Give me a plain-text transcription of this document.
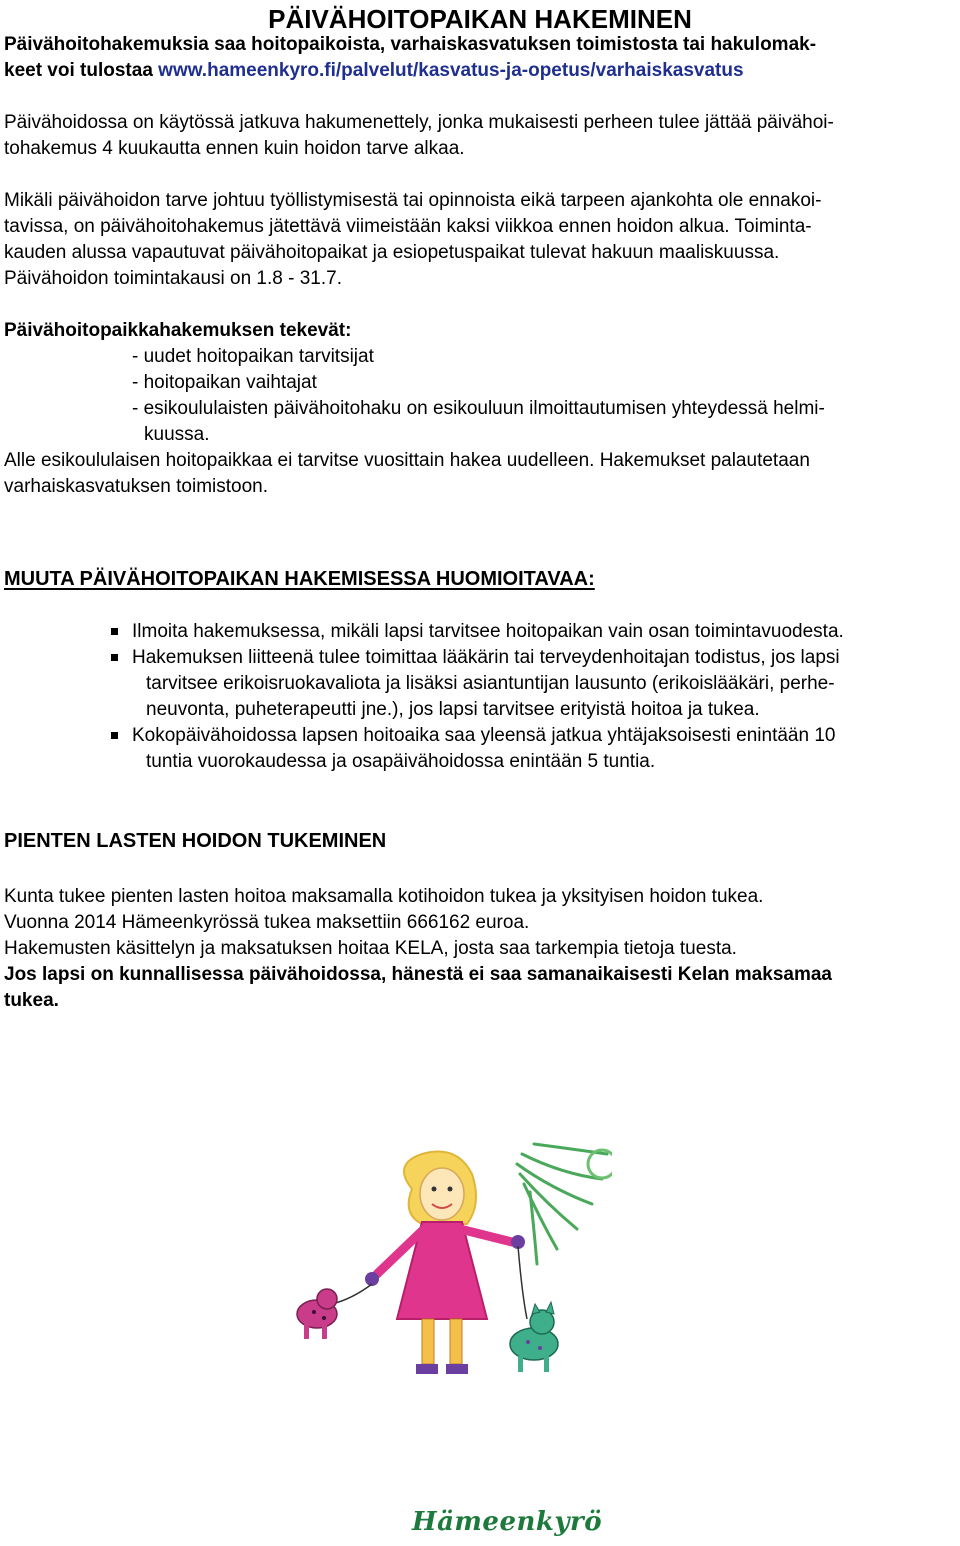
PÄIVÄHOITOPAIKAN HAKEMINEN
Päivähoitohakemuksia saa hoitopaikoista, varhaiskasvatuksen toimistosta tai hakulomak-
keet voi tulostaa www.hameenkyro.fi/palvelut/kasvatus-ja-opetus/varhaiskasvatus
Päivähoidossa on käytössä jatkuva hakumenettely, jonka mukaisesti perheen tulee jättää päivähoi-
tohakemus 4 kuukautta ennen kuin hoidon tarve alkaa.
Mikäli päivähoidon tarve johtuu työllistymisestä tai opinnoista eikä tarpeen ajankohta ole ennakoi-
tavissa, on päivähoitohakemus jätettävä viimeistään kaksi viikkoa ennen hoidon alkua. Toiminta-
kauden alussa vapautuvat päivähoitopaikat ja esiopetuspaikat tulevat hakuun maaliskuussa.
Päivähoidon toimintakausi on 1.8 - 31.7.
Päivähoitopaikkahakemuksen tekevät:
- uudet hoitopaikan tarvitsijat
- hoitopaikan vaihtajat
- esikoululaisten päivähoitohaku on esikouluun ilmoittautumisen yhteydessä helmi-
kuussa.
Alle esikoululaisen hoitopaikkaa ei tarvitse vuosittain hakea uudelleen. Hakemukset palautetaan
varhaiskasvatuksen toimistoon.
MUUTA PÄIVÄHOITOPAIKAN HAKEMISESSA HUOMIOITAVAA:
Ilmoita hakemuksessa, mikäli lapsi tarvitsee hoitopaikan vain osan toimintavuodesta.
Hakemuksen liitteenä tulee toimittaa lääkärin tai terveydenhoitajan todistus, jos lapsi
tarvitsee erikoisruokavaliota ja lisäksi asiantuntijan lausunto (erikoislääkäri, perhe-
neuvonta, puheterapeutti jne.), jos lapsi tarvitsee erityistä hoitoa ja tukea.
Kokopäivähoidossa lapsen hoitoaika saa yleensä jatkua yhtäjaksoisesti enintään 10
tuntia vuorokaudessa ja osapäivähoidossa enintään 5 tuntia.
PIENTEN LASTEN HOIDON TUKEMINEN
Kunta tukee pienten lasten hoitoa maksamalla kotihoidon tukea ja yksityisen hoidon tukea.
Vuonna 2014 Hämeenkyrössä tukea maksettiin 666162 euroa.
Hakemusten käsittelyn ja maksatuksen hoitaa KELA, josta saa tarkempia tietoja tuesta.
Jos lapsi on kunnallisessa päivähoidossa, hänestä ei saa samanaikaisesti Kelan maksamaa
tukea.
Hämeenkyrö
